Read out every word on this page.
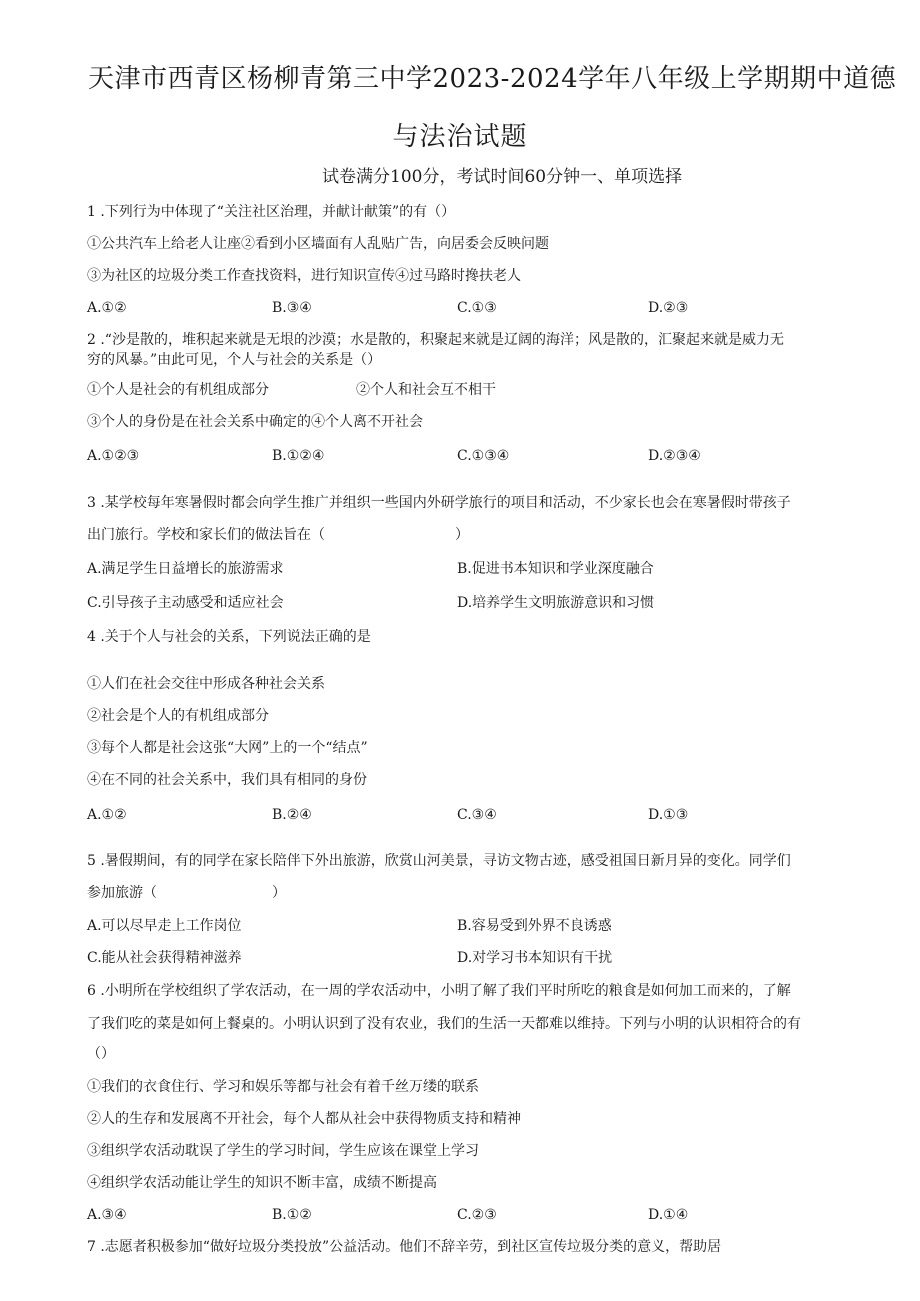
天津市西青区杨柳青第三中学2023-2024学年八年级上学期期中道德
与法治试题
试卷满分100分，考试时间60分钟一、单项选择
1 .下列行为中体现了“关注社区治理，并献计献策”的有（）
①公共汽车上给老人让座②看到小区墙面有人乱贴广告，向居委会反映问题
③为社区的垃圾分类工作查找资料，进行知识宣传④过马路时搀扶老人
A.①②	B.③④	C.①③	D.②③
2 .“沙是散的，堆积起来就是无垠的沙漠；水是散的，积聚起来就是辽阔的海洋；风是散的，汇聚起来就是威力无
穷的风暴。”由此可见，个人与社会的关系是（）
①个人是社会的有机组成部分	②个人和社会互不相干
③个人的身份是在社会关系中确定的④个人离不开社会
A.①②③	B.①②④	C.①③④	D.②③④
3 .某学校每年寒暑假时都会向学生推广并组织一些国内外研学旅行的项目和活动，不少家长也会在寒暑假时带孩子
出门旅行。学校和家长们的做法旨在（	）
A.满足学生日益增长的旅游需求	B.促进书本知识和学业深度融合
C.引导孩子主动感受和适应社会	D.培养学生文明旅游意识和习惯
4 .关于个人与社会的关系，下列说法正确的是
①人们在社会交往中形成各种社会关系
②社会是个人的有机组成部分
③每个人都是社会这张“大网”上的一个“结点”
④在不同的社会关系中，我们具有相同的身份
A.①②	B.②④	C.③④	D.①③
5 .暑假期间，有的同学在家长陪伴下外出旅游，欣赏山河美景，寻访文物古迹，感受祖国日新月异的变化。同学们
参加旅游（	）
A.可以尽早走上工作岗位	B.容易受到外界不良诱惑
C.能从社会获得精神滋养	D.对学习书本知识有干扰
6 .小明所在学校组织了学农活动，在一周的学农活动中，小明了解了我们平时所吃的粮食是如何加工而来的，了解
了我们吃的菜是如何上餐桌的。小明认识到了没有农业，我们的生活一天都难以维持。下列与小明的认识相符合的有
（）
①我们的衣食住行、学习和娱乐等都与社会有着千丝万缕的联系
②人的生存和发展离不开社会，每个人都从社会中获得物质支持和精神
③组织学农活动耽误了学生的学习时间，学生应该在课堂上学习
④组织学农活动能让学生的知识不断丰富，成绩不断提高
A.③④	B.①②	C.②③	D.①④
7 .志愿者积极参加“做好垃圾分类投放”公益活动。他们不辞辛劳，到社区宣传垃圾分类的意义，帮助居
